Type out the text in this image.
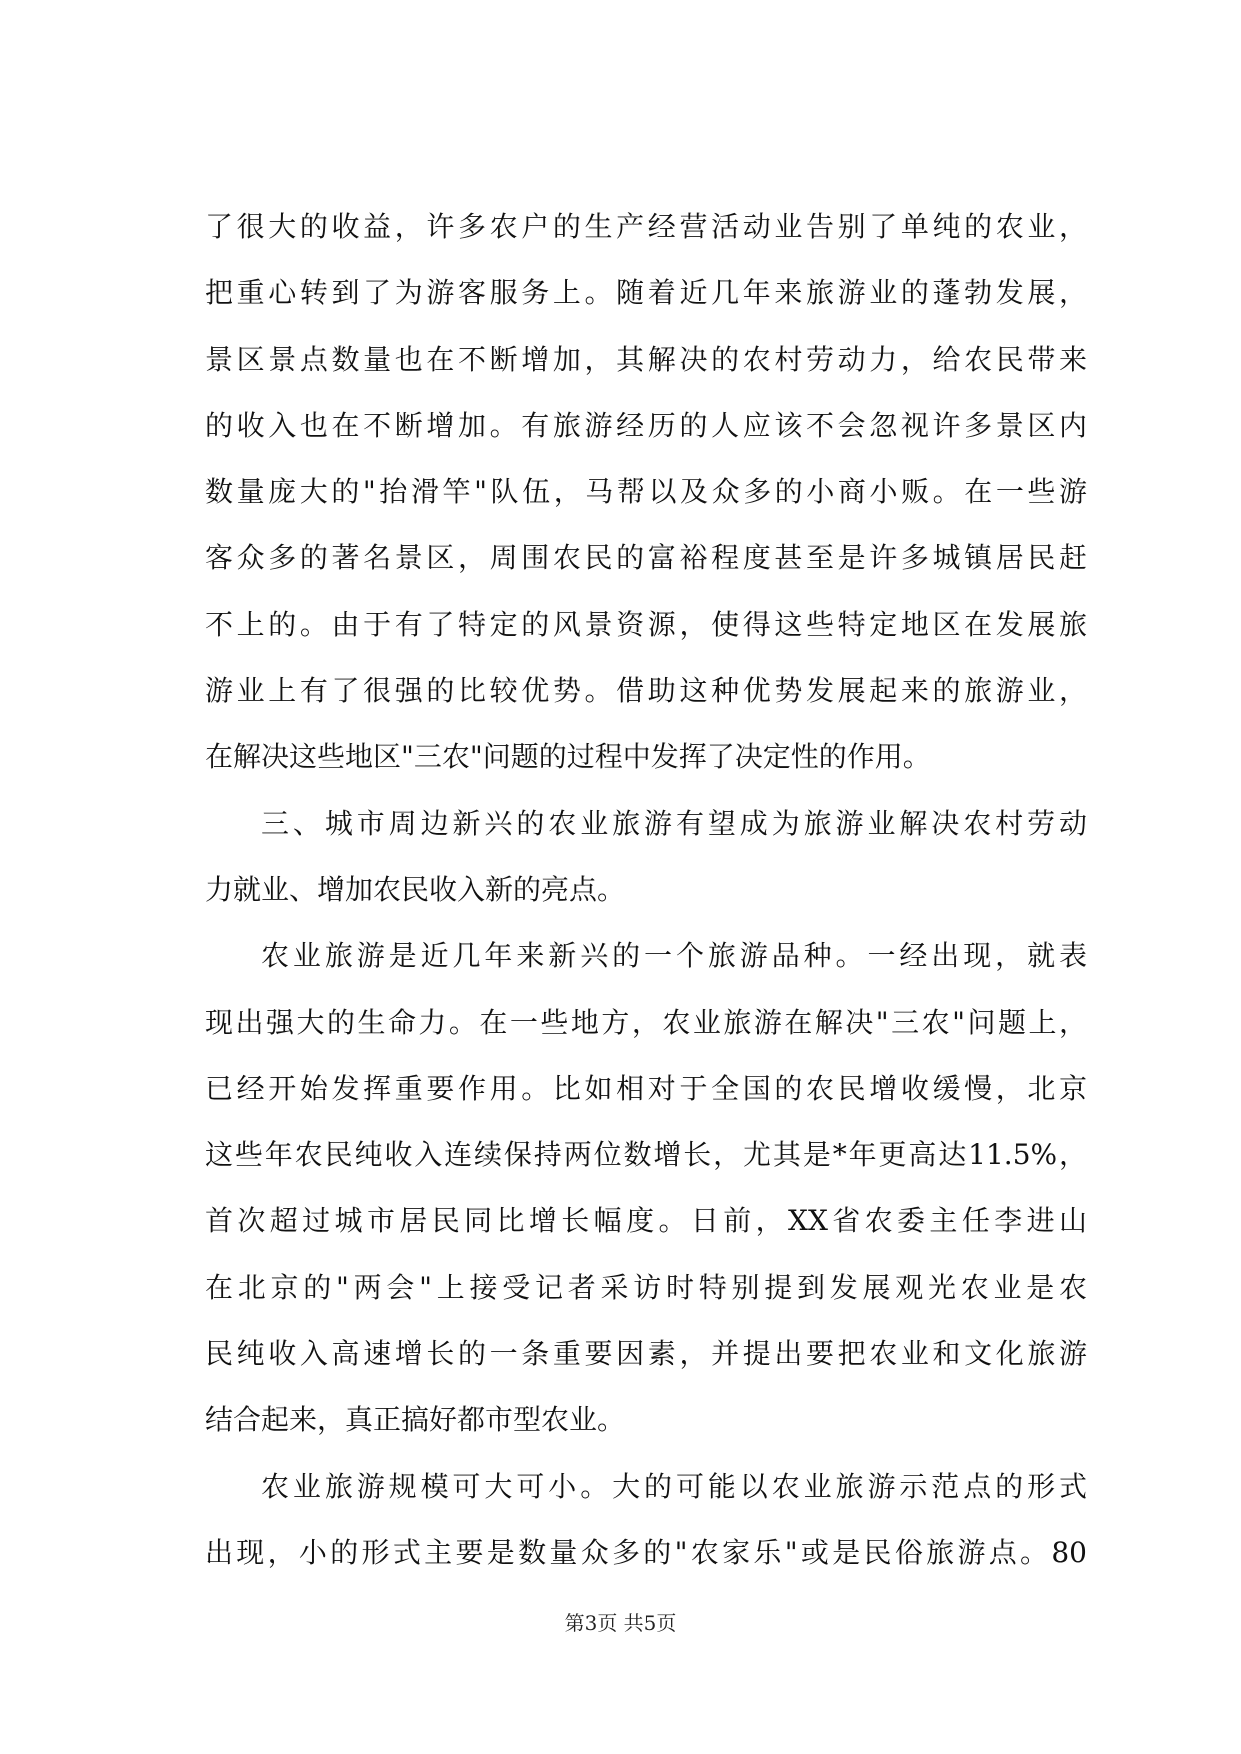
了很大的收益，许多农户的生产经营活动业告别了单纯的农业，
把重心转到了为游客服务上。随着近几年来旅游业的蓬勃发展，
景区景点数量也在不断增加，其解决的农村劳动力，给农民带来
的收入也在不断增加。有旅游经历的人应该不会忽视许多景区内
数量庞大的"抬滑竿"队伍，马帮以及众多的小商小贩。在一些游
客众多的著名景区，周围农民的富裕程度甚至是许多城镇居民赶
不上的。由于有了特定的风景资源，使得这些特定地区在发展旅
游业上有了很强的比较优势。借助这种优势发展起来的旅游业，
在解决这些地区"三农"问题的过程中发挥了决定性的作用。
三、城市周边新兴的农业旅游有望成为旅游业解决农村劳动
力就业、增加农民收入新的亮点。
农业旅游是近几年来新兴的一个旅游品种。一经出现，就表
现出强大的生命力。在一些地方，农业旅游在解决"三农"问题上，
已经开始发挥重要作用。比如相对于全国的农民增收缓慢，北京
这些年农民纯收入连续保持两位数增长，尤其是*年更高达11.5%，
首次超过城市居民同比增长幅度。日前，XX省农委主任李进山
在北京的"两会"上接受记者采访时特别提到发展观光农业是农
民纯收入高速增长的一条重要因素，并提出要把农业和文化旅游
结合起来，真正搞好都市型农业。
农业旅游规模可大可小。大的可能以农业旅游示范点的形式
出现，小的形式主要是数量众多的"农家乐"或是民俗旅游点。80
第3页 共5页
